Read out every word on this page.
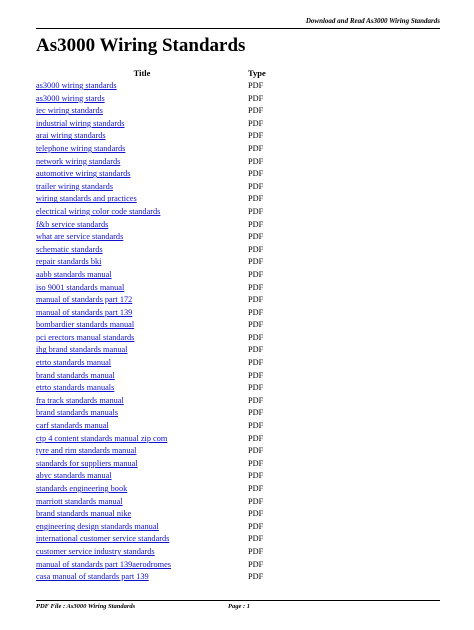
Download and Read As3000 Wiring Standards
As3000 Wiring Standards
Title	Type
as3000 wiring standards	PDF
as3000 wiring stards	PDF
iec wiring standards	PDF
industrial wiring standards	PDF
arai wiring standards	PDF
telephone wiring standards	PDF
network wiring standards	PDF
automotive wiring standards	PDF
trailer wiring standards	PDF
wiring standards and practices	PDF
electrical wiring color code standards	PDF
f&b service standards	PDF
what are service standards	PDF
schematic standards	PDF
repair standards bki	PDF
aabb standards manual	PDF
iso 9001 standards manual	PDF
manual of standards part 172	PDF
manual of standards part 139	PDF
bombardier standards manual	PDF
pci erectors manual standards	PDF
ihg brand standards manual	PDF
etrto standards manual	PDF
brand standards manual	PDF
etrto standards manuals	PDF
fra track standards manual	PDF
brand standards manuals	PDF
carf standards manual	PDF
ctp 4 content standards manual zip com	PDF
tyre and rim standards manual	PDF
standards for suppliers manual	PDF
abyc standards manual	PDF
standards engineering book	PDF
marriott standards manual	PDF
brand standards manual nike	PDF
engineering design standards manual	PDF
international customer service standards	PDF
customer service industry standards	PDF
manual of standards part 139aerodromes	PDF
casa manual of standards part 139	PDF
PDF File : As3000 Wiring Standards	Page : 1
